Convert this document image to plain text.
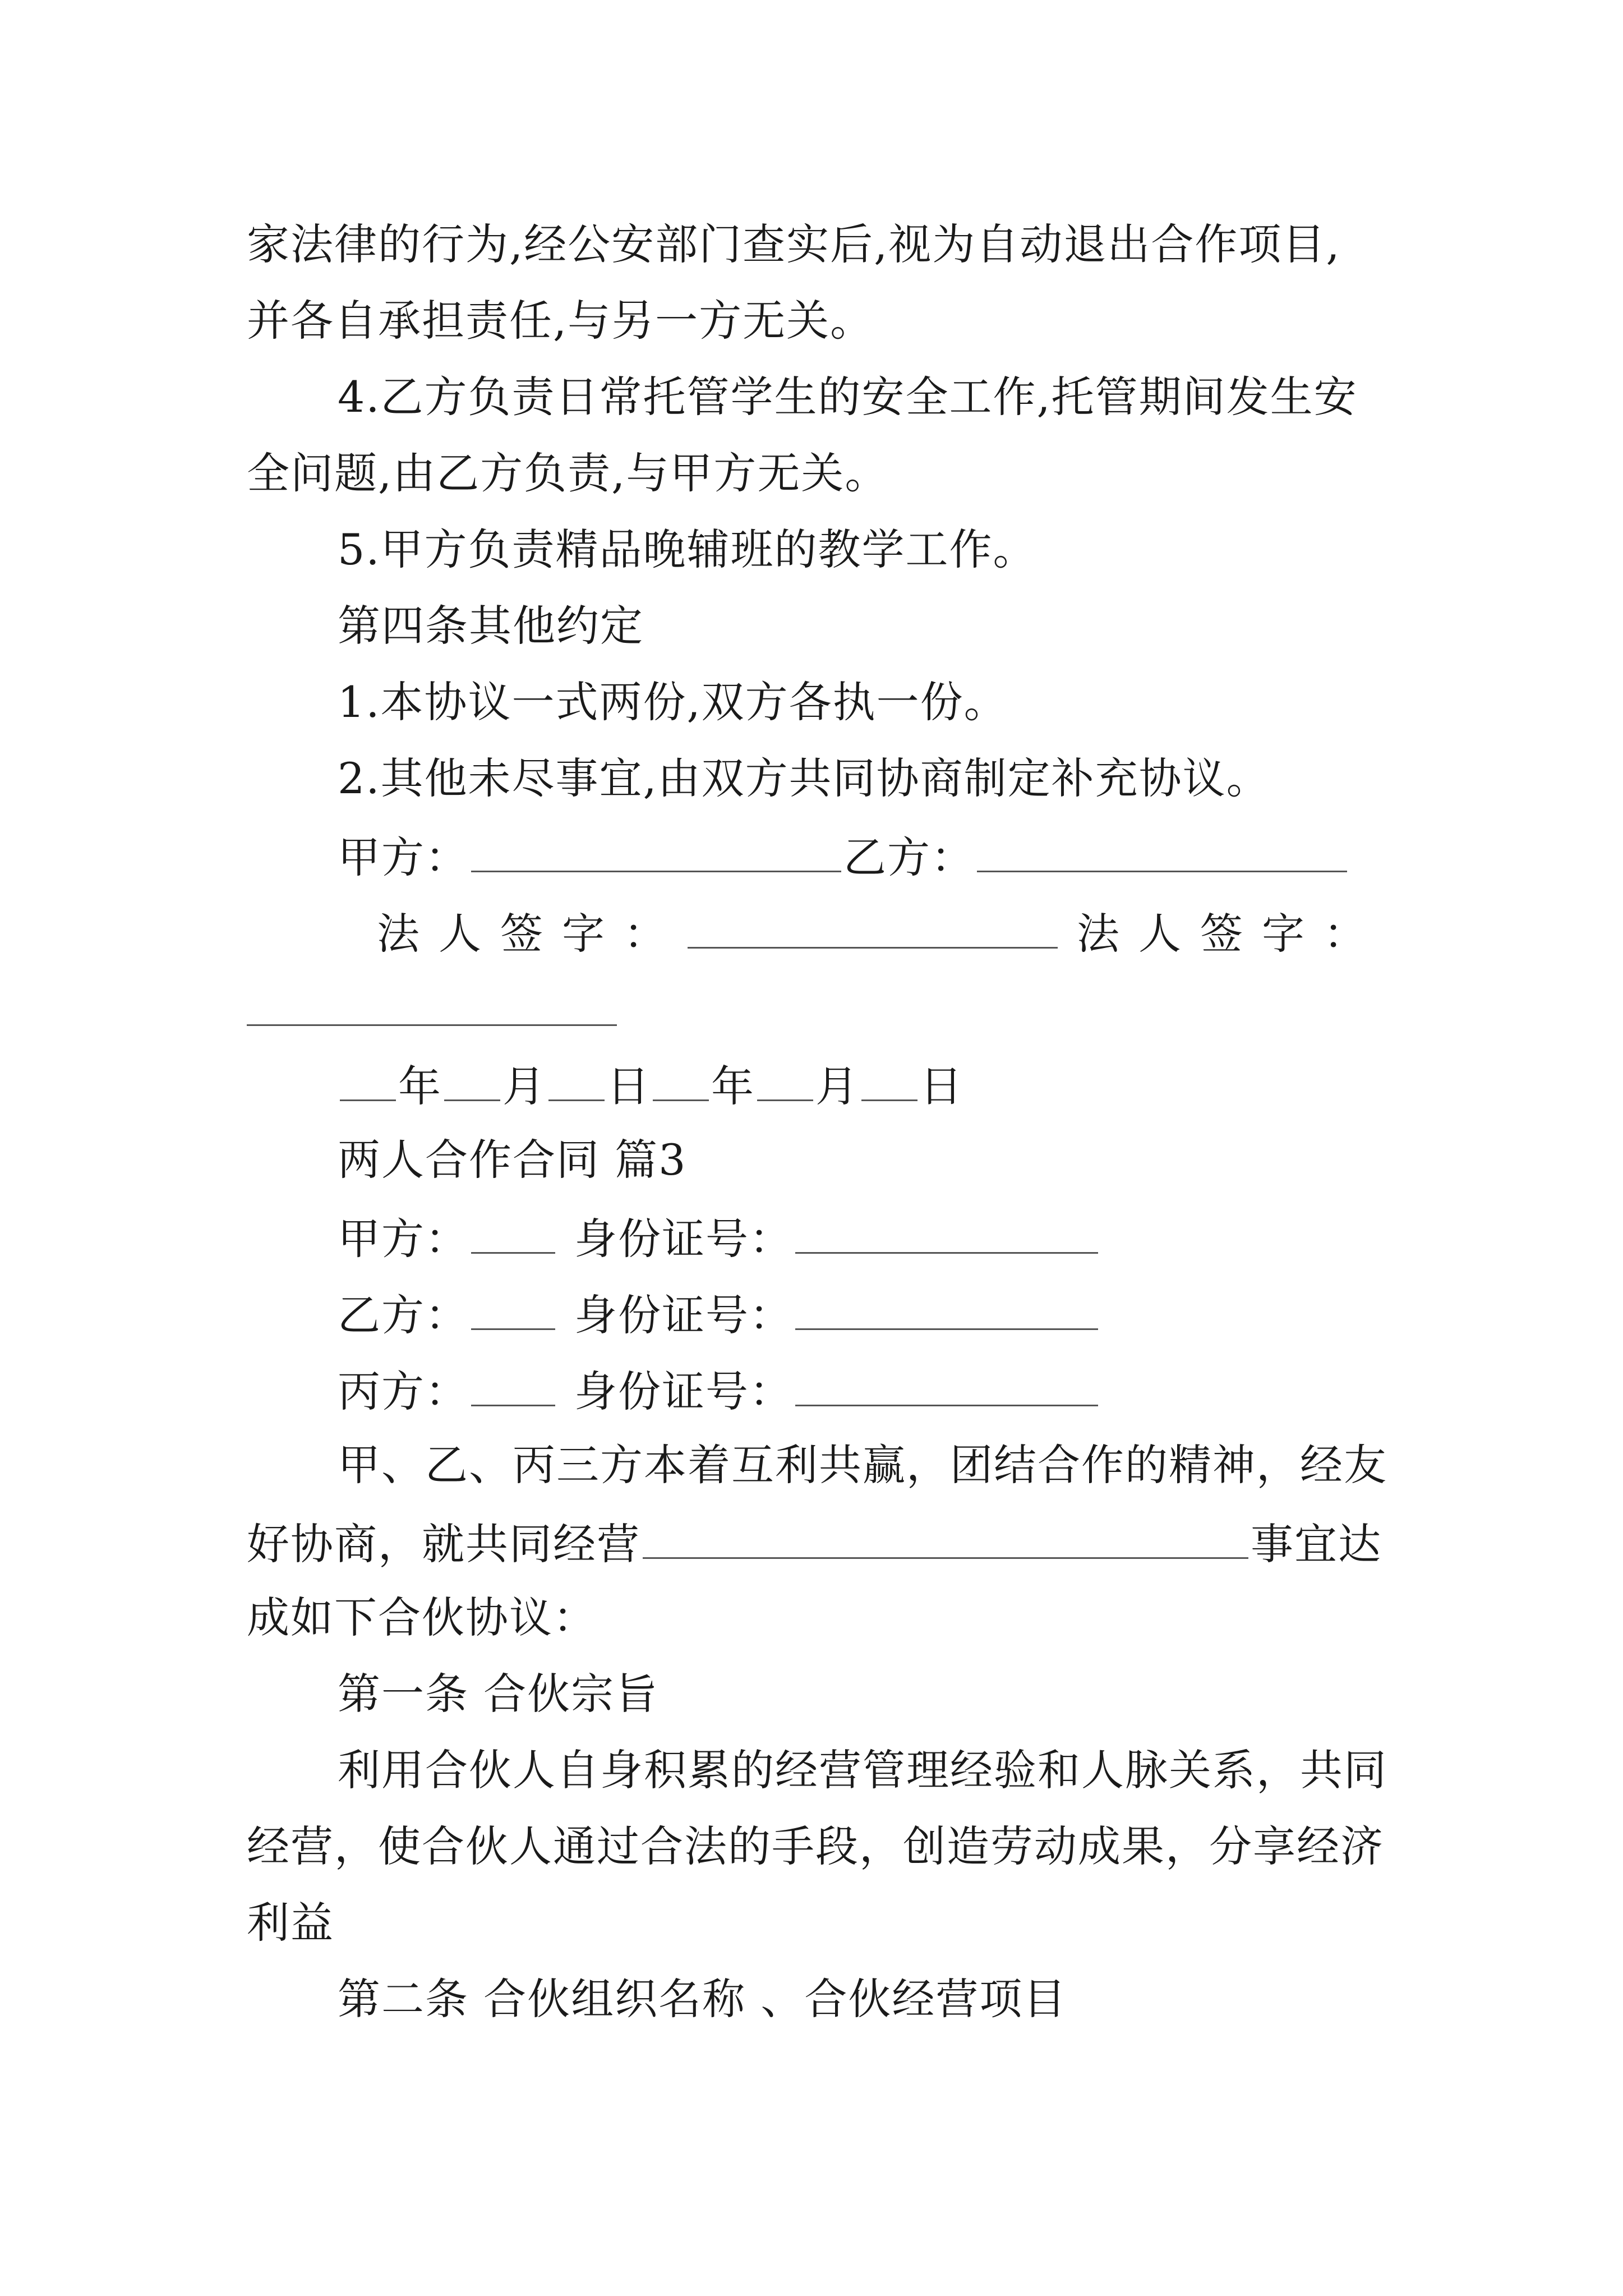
家法律的行为,经公安部门查实后,视为自动退出合作项目,
并各自承担责任,与另一方无关。
4.乙方负责日常托管学生的安全工作,托管期间发生安
全问题,由乙方负责,与甲方无关。
5.甲方负责精品晚辅班的教学工作。
第四条其他约定
1.本协议一式两份,双方各执一份。
2.其他未尽事宜,由双方共同协商制定补充协议。
甲方：	乙方：
法人签字：	法人签字：
年 月 日 年 月 日
两人合作合同 篇3
甲方： 身份证号：
乙方： 身份证号：
丙方： 身份证号：
甲、乙、丙三方本着互利共赢，团结合作的精神，经友
好协商，就共同经营	事宜达
成如下合伙协议：
第一条 合伙宗旨
利用合伙人自身积累的经营管理经验和人脉关系，共同
经营，使合伙人通过合法的手段，创造劳动成果，分享经济
利益
第二条 合伙组织名称 、合伙经营项目
